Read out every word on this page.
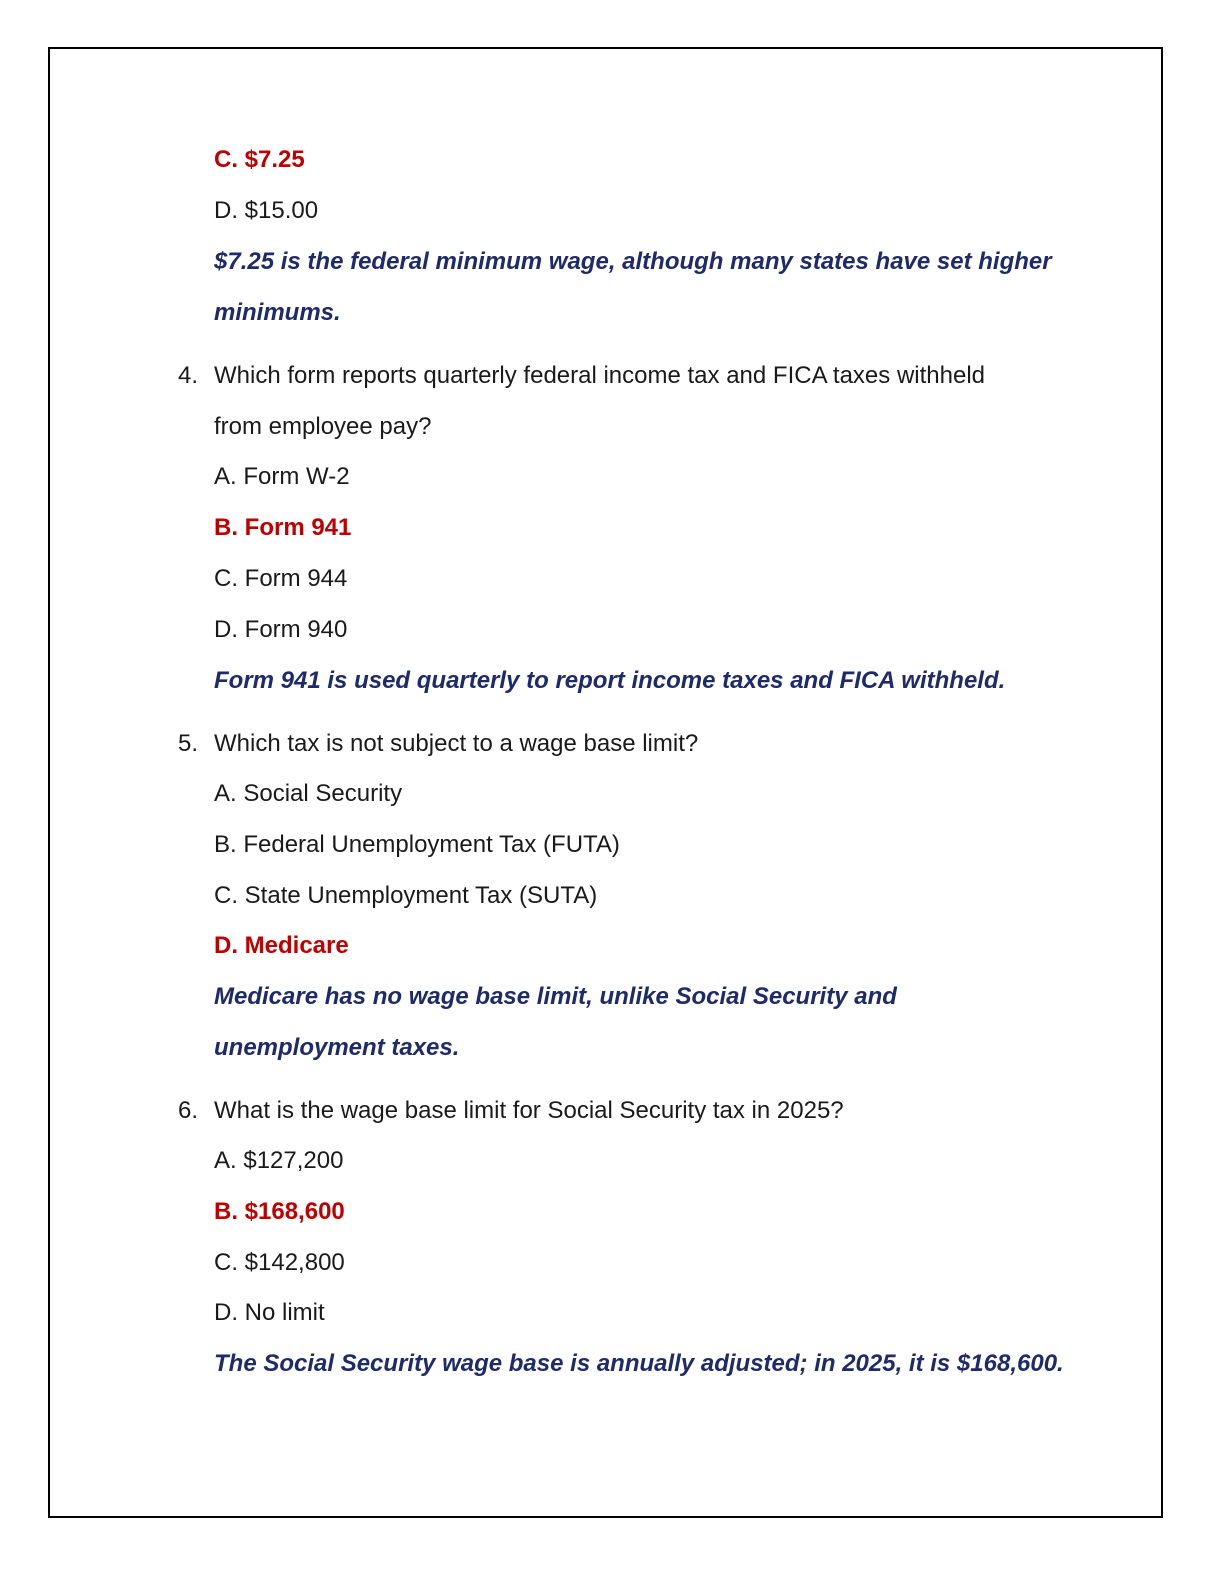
C. $7.25
D. $15.00
$7.25 is the federal minimum wage, although many states have set higher
minimums.
4. Which form reports quarterly federal income tax and FICA taxes withheld
from employee pay?
A. Form W-2
B. Form 941
C. Form 944
D. Form 940
Form 941 is used quarterly to report income taxes and FICA withheld.
5. Which tax is not subject to a wage base limit?
A. Social Security
B. Federal Unemployment Tax (FUTA)
C. State Unemployment Tax (SUTA)
D. Medicare
Medicare has no wage base limit, unlike Social Security and
unemployment taxes.
6. What is the wage base limit for Social Security tax in 2025?
A. $127,200
B. $168,600
C. $142,800
D. No limit
The Social Security wage base is annually adjusted; in 2025, it is $168,600.
